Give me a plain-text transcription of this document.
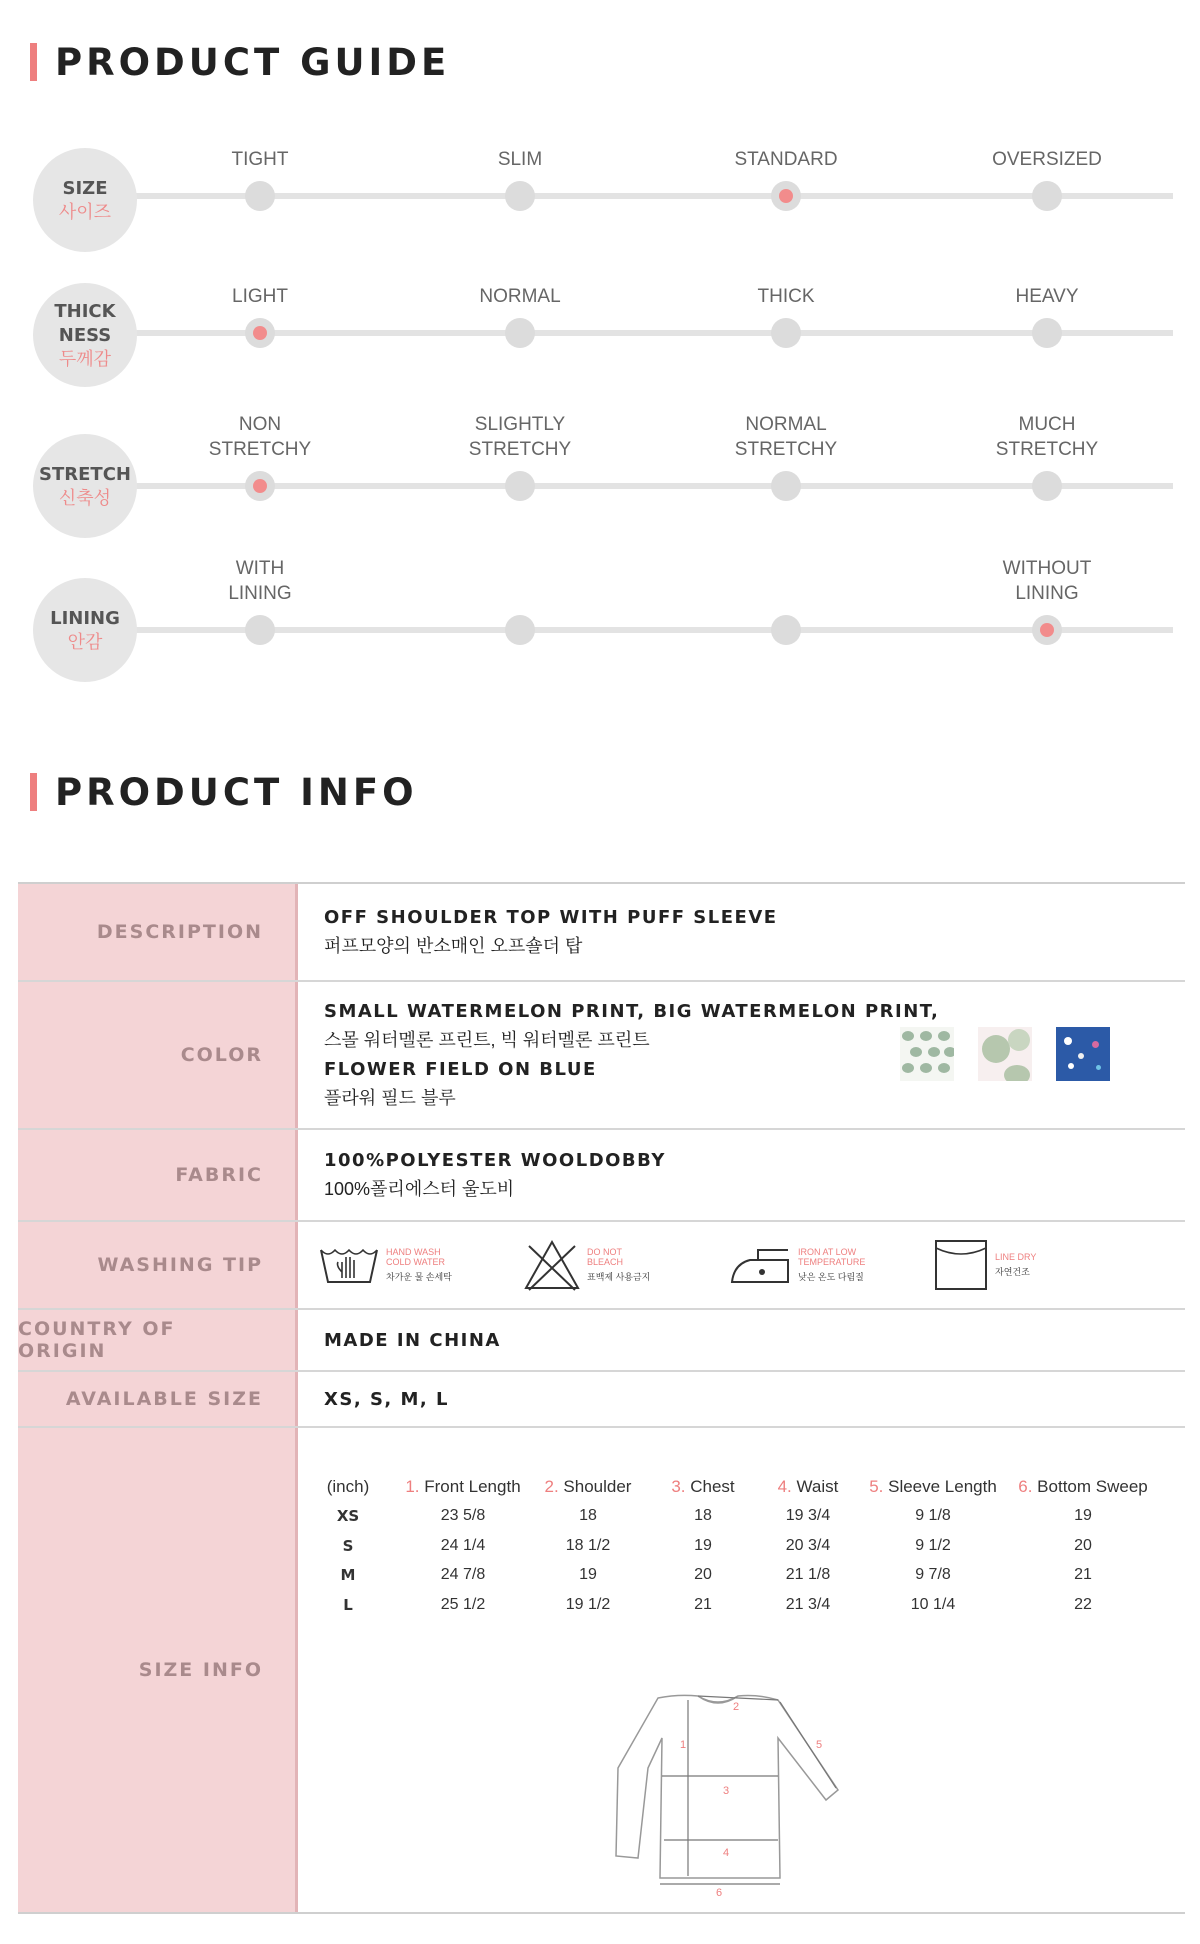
PRODUCT GUIDE
SIZE
사이즈
TIGHT	SLIM	STANDARD	OVERSIZED
THICK
NESS
두께감
LIGHT	NORMAL	THICK	HEAVY
STRETCH
신축성
NON
STRETCHY
SLIGHTLY
STRETCHY
NORMAL
STRETCHY
MUCH
STRETCHY
LINING
안감
WITH
LINING
WITHOUT
LINING
PRODUCT INFO
DESCRIPTION
OFF SHOULDER TOP WITH PUFF SLEEVE
퍼프모양의 반소매인 오프숄더 탑
COLOR
SMALL WATERMELON PRINT, BIG WATERMELON PRINT,
스몰 워터멜론 프린트, 빅 워터멜론 프린트
FLOWER FIELD ON BLUE
플라워 필드 블루
FABRIC
100%POLYESTER WOOLDOBBY
100%폴리에스터 울도비
WASHING TIP
HAND WASH
COLD WATER
차가운 물 손세탁
DO NOT
BLEACH
표백제 사용금지
IRON AT LOW
TEMPERATURE
낮은 온도 다림질
LINE DRY
자연건조
COUNTRY OF ORIGIN	MADE IN CHINA
AVAILABLE SIZE	XS, S, M, L
SIZE INFO
(inch)	1. Front Length	2. Shoulder	3. Chest	4. Waist	5. Sleeve Length	6. Bottom Sweep
XS	23 5/8	18	18	19 3/4	9 1/8	19
S	24 1/4	18 1/2	19	20 3/4	9 1/2	20
M	24 7/8	19	20	21 1/8	9 7/8	21
L	25 1/2	19 1/2	21	21 3/4	10 1/4	22
1
2
3
4
5
6
